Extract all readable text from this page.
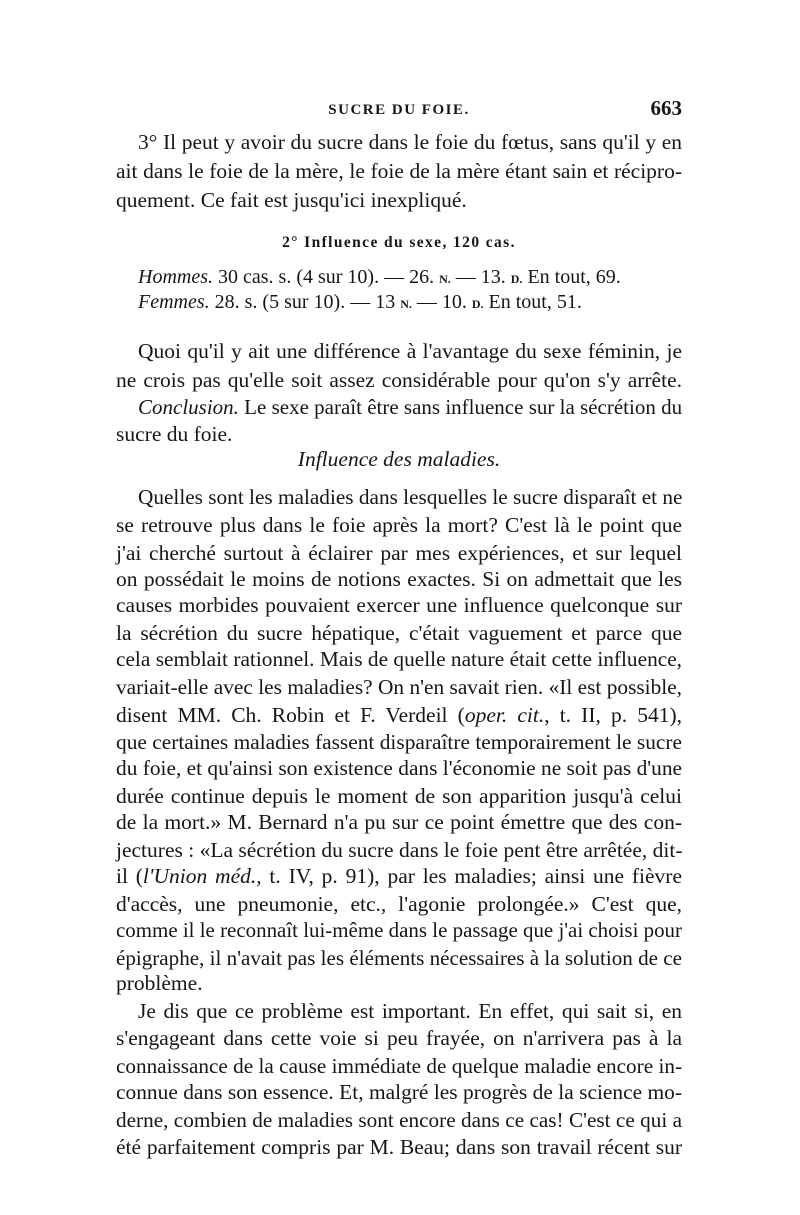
SUCRE DU FOIE.	663
3° Il peut y avoir du sucre dans le foie du fœtus, sans qu'il y en
ait dans le foie de la mère, le foie de la mère étant sain et récipro-
quement. Ce fait est jusqu'ici inexpliqué.
2° Influence du sexe, 120 cas.
Hommes. 30 cas. s. (4 sur 10). — 26. N. — 13. D. En tout, 69.
Femmes. 28. s. (5 sur 10). — 13 N. — 10. D. En tout, 51.
Quoi qu'il y ait une différence à l'avantage du sexe féminin, je
ne crois pas qu'elle soit assez considérable pour qu'on s'y arrête.
Conclusion. Le sexe paraît être sans influence sur la sécrétion du
sucre du foie.
Influence des maladies.
Quelles sont les maladies dans lesquelles le sucre disparaît et ne
se retrouve plus dans le foie après la mort? C'est là le point que
j'ai cherché surtout à éclairer par mes expériences, et sur lequel
on possédait le moins de notions exactes. Si on admettait que les
causes morbides pouvaient exercer une influence quelconque sur
la sécrétion du sucre hépatique, c'était vaguement et parce que
cela semblait rationnel. Mais de quelle nature était cette influence,
variait-elle avec les maladies? On n'en savait rien. «Il est possible,
disent MM. Ch. Robin et F. Verdeil (oper. cit., t. II, p. 541),
que certaines maladies fassent disparaître temporairement le sucre
du foie, et qu'ainsi son existence dans l'économie ne soit pas d'une
durée continue depuis le moment de son apparition jusqu'à celui
de la mort.» M. Bernard n'a pu sur ce point émettre que des con-
jectures : «La sécrétion du sucre dans le foie pent être arrêtée, dit-
il (l'Union méd., t. IV, p. 91), par les maladies; ainsi une fièvre
d'accès, une pneumonie, etc., l'agonie prolongée.» C'est que,
comme il le reconnaît lui-même dans le passage que j'ai choisi pour
épigraphe, il n'avait pas les éléments nécessaires à la solution de ce
problème.
Je dis que ce problème est important. En effet, qui sait si, en
s'engageant dans cette voie si peu frayée, on n'arrivera pas à la
connaissance de la cause immédiate de quelque maladie encore in-
connue dans son essence. Et, malgré les progrès de la science mo-
derne, combien de maladies sont encore dans ce cas! C'est ce qui a
été parfaitement compris par M. Beau; dans son travail récent sur
